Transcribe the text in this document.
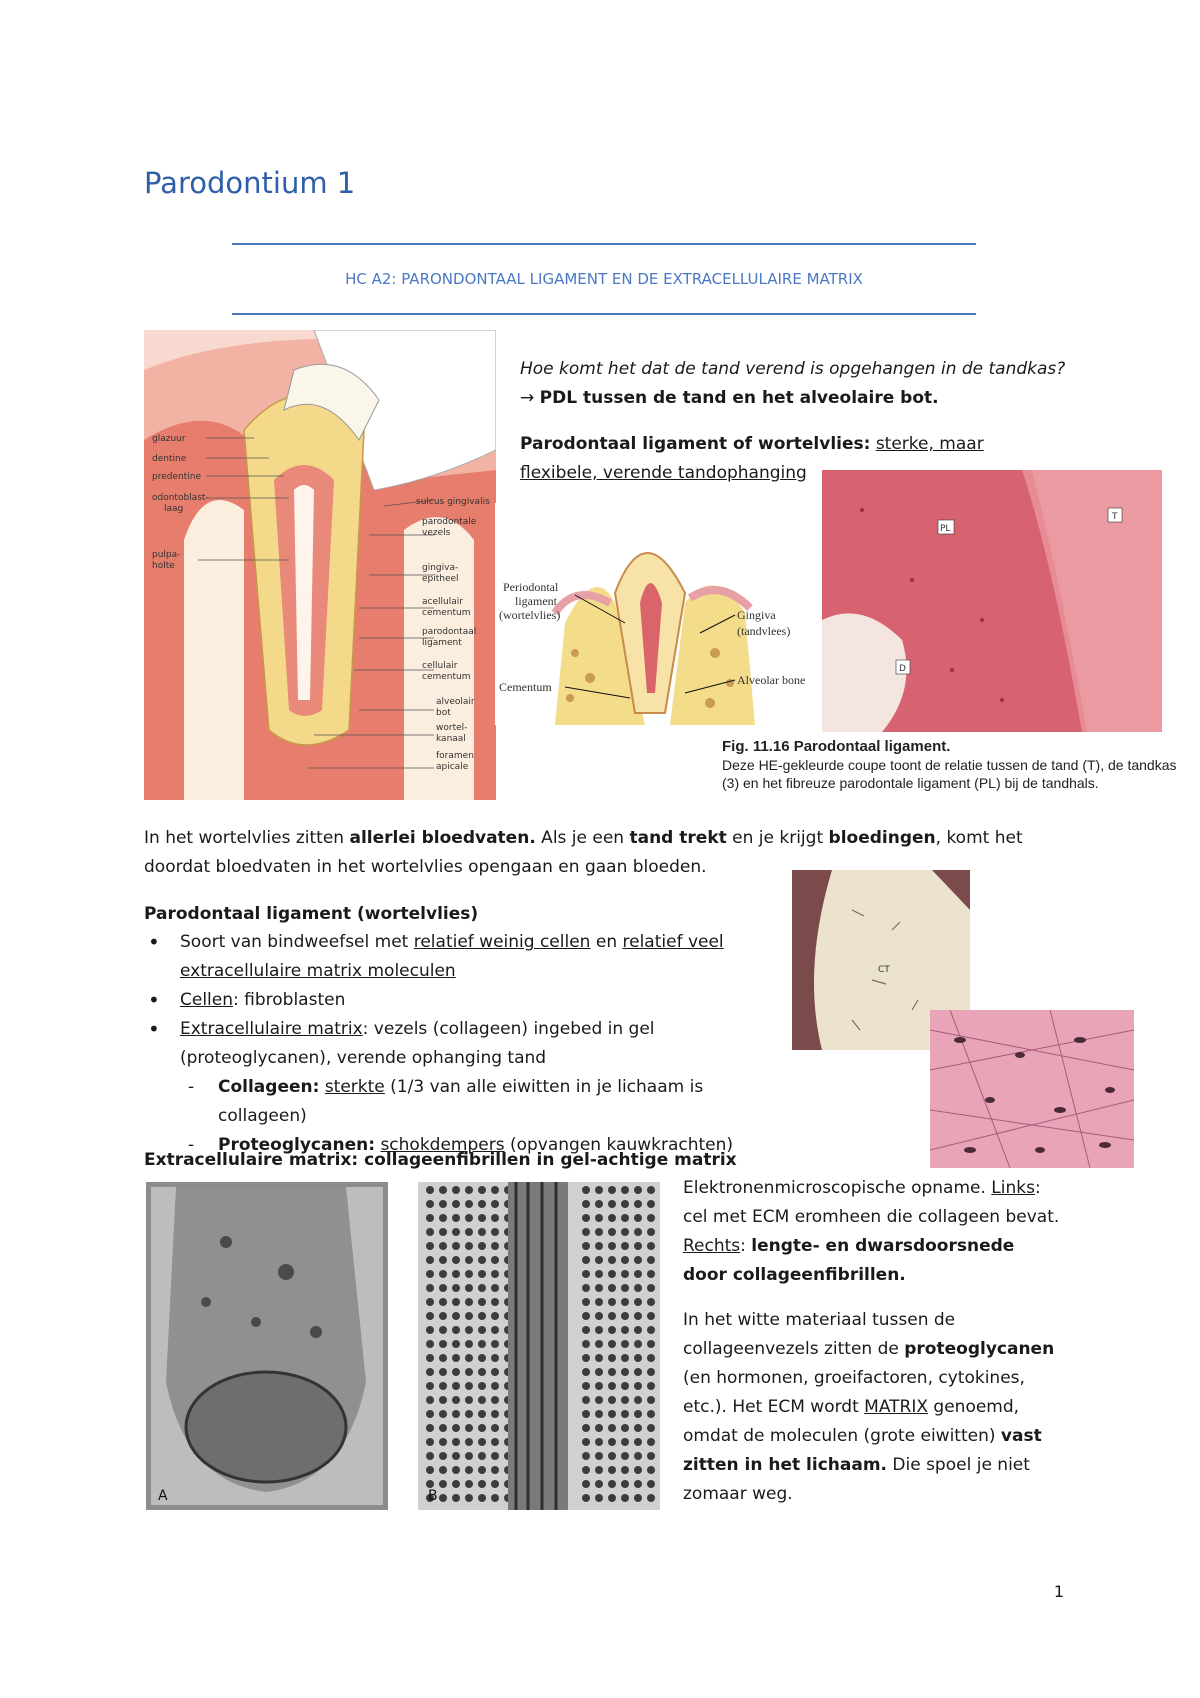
Parodontium 1
HC A2: PARONDONTAAL LIGAMENT EN DE EXTRACELLULAIRE MATRIX
glazuur
dentine
predentine
odontoblast-
laag
pulpa-
holte
sulcus gingivalis
parodontale
vezels
gingiva-
epitheel
acellulair
cementum
parodontaal
ligament
cellulair
cementum
alveolair
bot
wortel-
kanaal
foramen
apicale
Hoe komt het dat de tand verend is opgehangen in de tandkas? → PDL tussen de tand en het alveolaire bot.
Parodontaal ligament of wortelvlies: sterke, maar flexibele, verende tandophanging
Periodontal
ligament
(wortelvlies)
Cementum
Gingiva
(tandvlees)
Alveolar bone
PL
T
D
Fig. 11.16 Parodontaal ligament.
Deze HE-gekleurde coupe toont de relatie tussen de tand (T), de tandkas (3) en het fibreuze parodontale ligament (PL) bij de tandhals.
In het wortelvlies zitten allerlei bloedvaten. Als je een tand trekt en je krijgt bloedingen, komt het doordat bloedvaten in het wortelvlies opengaan en gaan bloeden.
Parodontaal ligament (wortelvlies)
• Soort van bindweefsel met relatief weinig cellen en relatief veel extracellulaire matrix moleculen
• Cellen: fibroblasten
• Extracellulaire matrix: vezels (collageen) ingebed in gel (proteoglycanen), verende ophanging tand
- Collageen: sterkte (1/3 van alle eiwitten in je lichaam is collageen)
- Proteoglycanen: schokdempers (opvangen kauwkrachten)
CT
Extracellulaire matrix: collageenfibrillen in gel-achtige matrix
A	B
Elektronenmicroscopische opname. Links: cel met ECM eromheen die collageen bevat. Rechts: lengte- en dwarsdoorsnede door collageenfibrillen.
In het witte materiaal tussen de collageenvezels zitten de proteoglycanen (en hormonen, groeifactoren, cytokines, etc.). Het ECM wordt MATRIX genoemd, omdat de moleculen (grote eiwitten) vast zitten in het lichaam. Die spoel je niet zomaar weg.
1
